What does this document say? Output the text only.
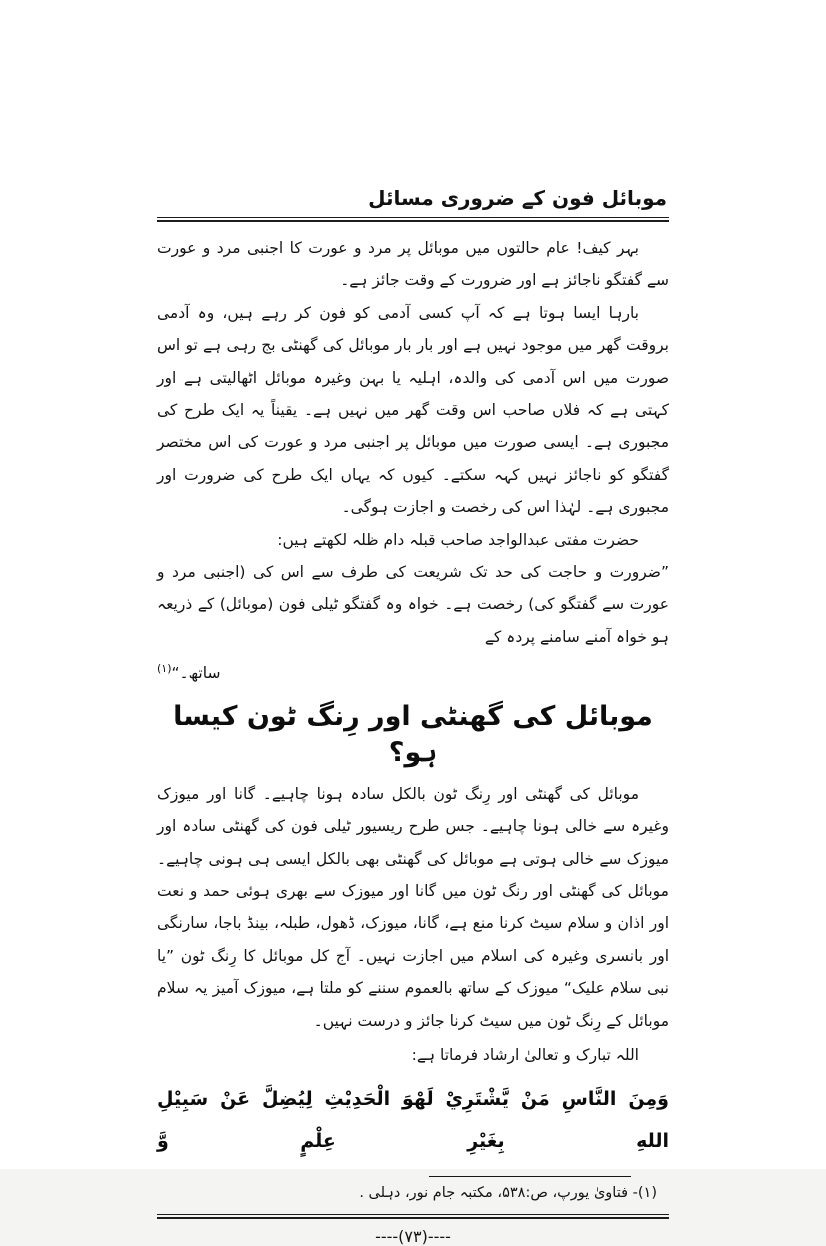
موبائل فون کے ضروری مسائل

بہر کیف! عام حالتوں میں موبائل پر مرد و عورت کا اجنبی مرد و عورت سے گفتگو ناجائز ہے اور ضرورت کے وقت جائز ہے۔

بارہا ایسا ہوتا ہے کہ آپ کسی آدمی کو فون کر رہے ہیں، وہ آدمی بروقت گھر میں موجود نہیں ہے اور بار بار موبائل کی گھنٹی بج رہی ہے تو اس صورت میں اس آدمی کی والدہ، اہلیہ یا بہن وغیرہ موبائل اٹھالیتی ہے اور کہتی ہے کہ فلاں صاحب اس وقت گھر میں نہیں ہے۔ یقیناً یہ ایک طرح کی مجبوری ہے۔ ایسی صورت میں موبائل پر اجنبی مرد و عورت کی اس مختصر گفتگو کو ناجائز نہیں کہہ سکتے۔ کیوں کہ یہاں ایک طرح کی ضرورت اور مجبوری ہے۔ لہٰذا اس کی رخصت و اجازت ہوگی۔

حضرت مفتی عبدالواجد صاحب قبلہ دام ظلہ لکھتے ہیں:

”ضرورت و حاجت کی حد تک شریعت کی طرف سے اس کی (اجنبی مرد و عورت سے گفتگو کی) رخصت ہے۔ خواہ وہ گفتگو ٹیلی فون (موبائل) کے ذریعہ ہو خواہ آمنے سامنے پردہ کے

ساتھ۔“$^{(۱)}$

موبائل کی گھنٹی اور رِنگ ٹون کیسا ہو؟

موبائل کی گھنٹی اور رِنگ ٹون بالکل سادہ ہونا چاہیے۔ گانا اور میوزک وغیرہ سے خالی ہونا چاہیے۔ جس طرح ریسیور ٹیلی فون کی گھنٹی سادہ اور میوزک سے خالی ہوتی ہے موبائل کی گھنٹی بھی بالکل ایسی ہی ہونی چاہیے۔ موبائل کی گھنٹی اور رنگ ٹون میں گانا اور میوزک سے بھری ہوئی حمد و نعت اور اذان و سلام سیٹ کرنا منع ہے، گانا، میوزک، ڈھول، طبلہ، بینڈ باجا، سارنگی اور بانسری وغیرہ کی اسلام میں اجازت نہیں۔ آج کل موبائل کا رِنگ ٹون ”یا نبی سلام علیک“ میوزک کے ساتھ بالعموم سننے کو ملتا ہے، میوزک آمیز یہ سلام موبائل کے رِنگ ٹون میں سیٹ کرنا جائز و درست نہیں۔

اللہ تبارک و تعالیٰ ارشاد فرماتا ہے:

وَمِنَ النَّاسِ مَنْ يَّشْتَرِيْ لَهْوَ الْحَدِيْثِ لِيُضِلَّ عَنْ سَبِيْلِ اللهِ بِغَيْرِ عِلْمٍ وَّ

(۱)- فتاویٰ یورپ، ص:۵۳۸، مکتبہ جام نور، دہلی .

----(۷۳)----
